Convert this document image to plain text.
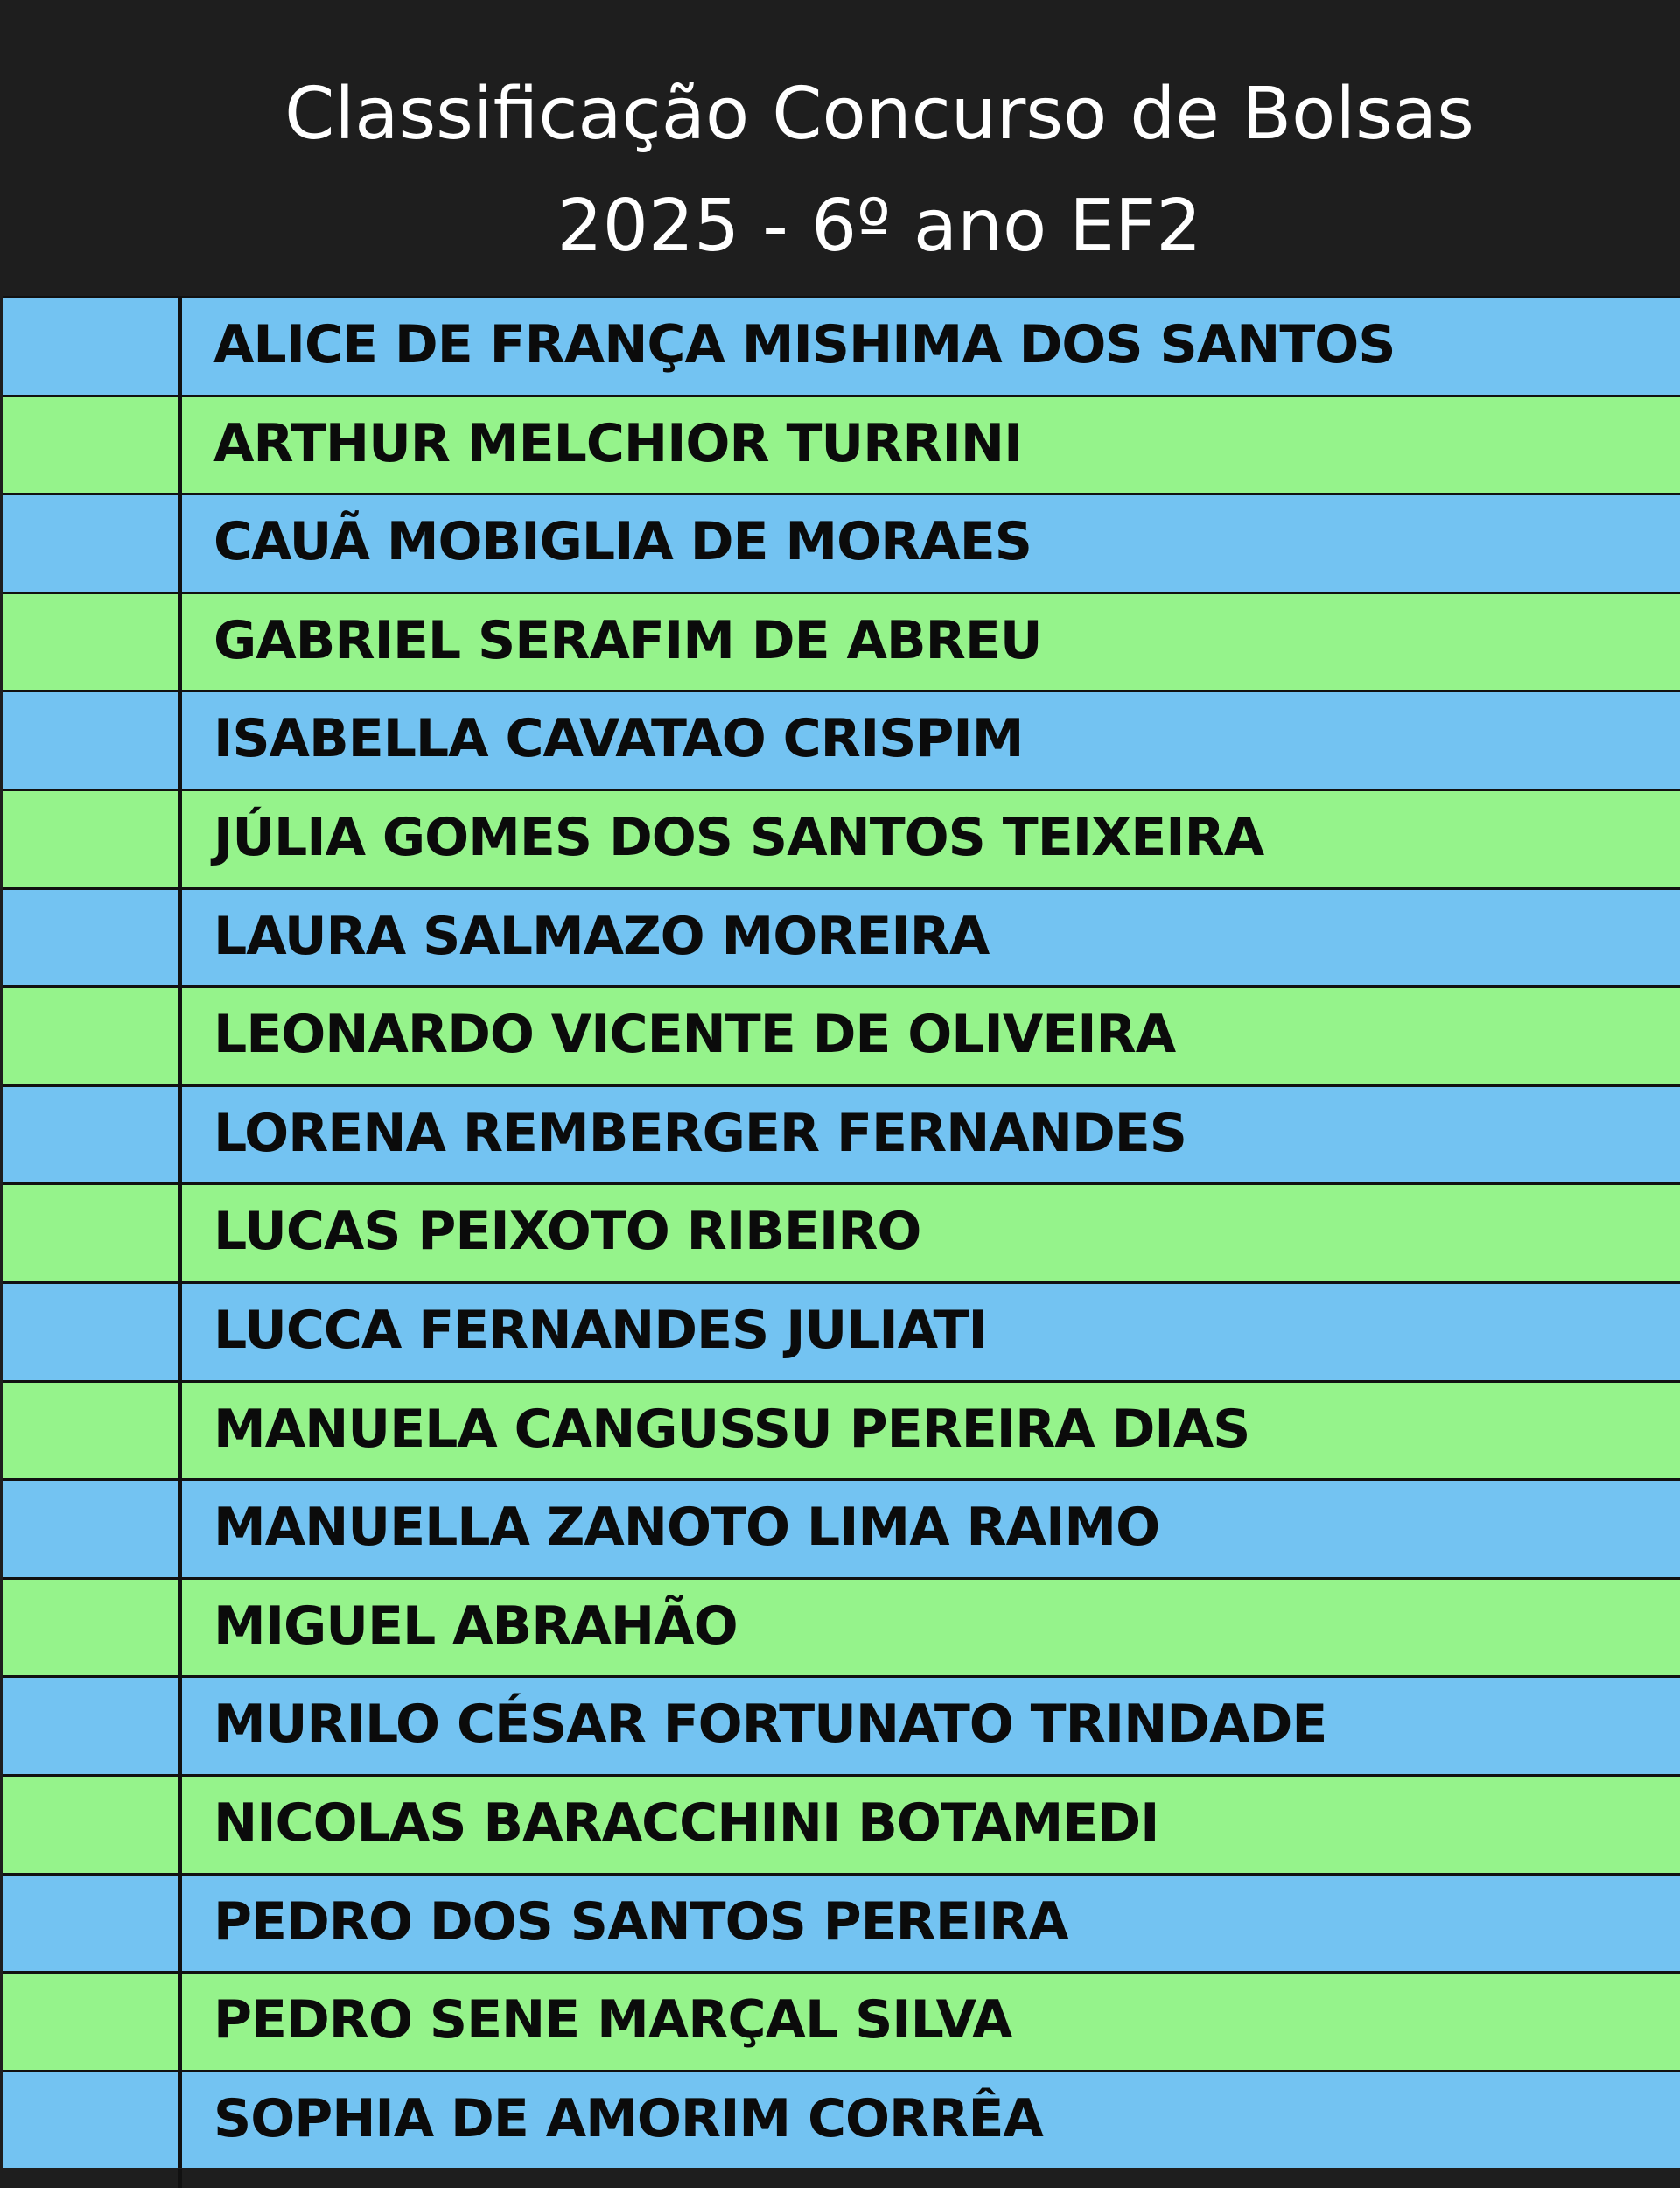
Classificação Concurso de Bolsas
2025 - 6º ano EF2
ALICE DE FRANÇA MISHIMA DOS SANTOS
ARTHUR MELCHIOR TURRINI
CAUÃ MOBIGLIA DE MORAES
GABRIEL SERAFIM DE ABREU
ISABELLA CAVATAO CRISPIM
JÚLIA GOMES DOS SANTOS TEIXEIRA
LAURA SALMAZO MOREIRA
LEONARDO VICENTE DE OLIVEIRA
LORENA REMBERGER FERNANDES
LUCAS PEIXOTO RIBEIRO
LUCCA FERNANDES JULIATI
MANUELA CANGUSSU PEREIRA DIAS
MANUELLA ZANOTO LIMA RAIMO
MIGUEL ABRAHÃO
MURILO CÉSAR FORTUNATO TRINDADE
NICOLAS BARACCHINI BOTAMEDI
PEDRO DOS SANTOS PEREIRA
PEDRO SENE MARÇAL SILVA
SOPHIA DE AMORIM CORRÊA
